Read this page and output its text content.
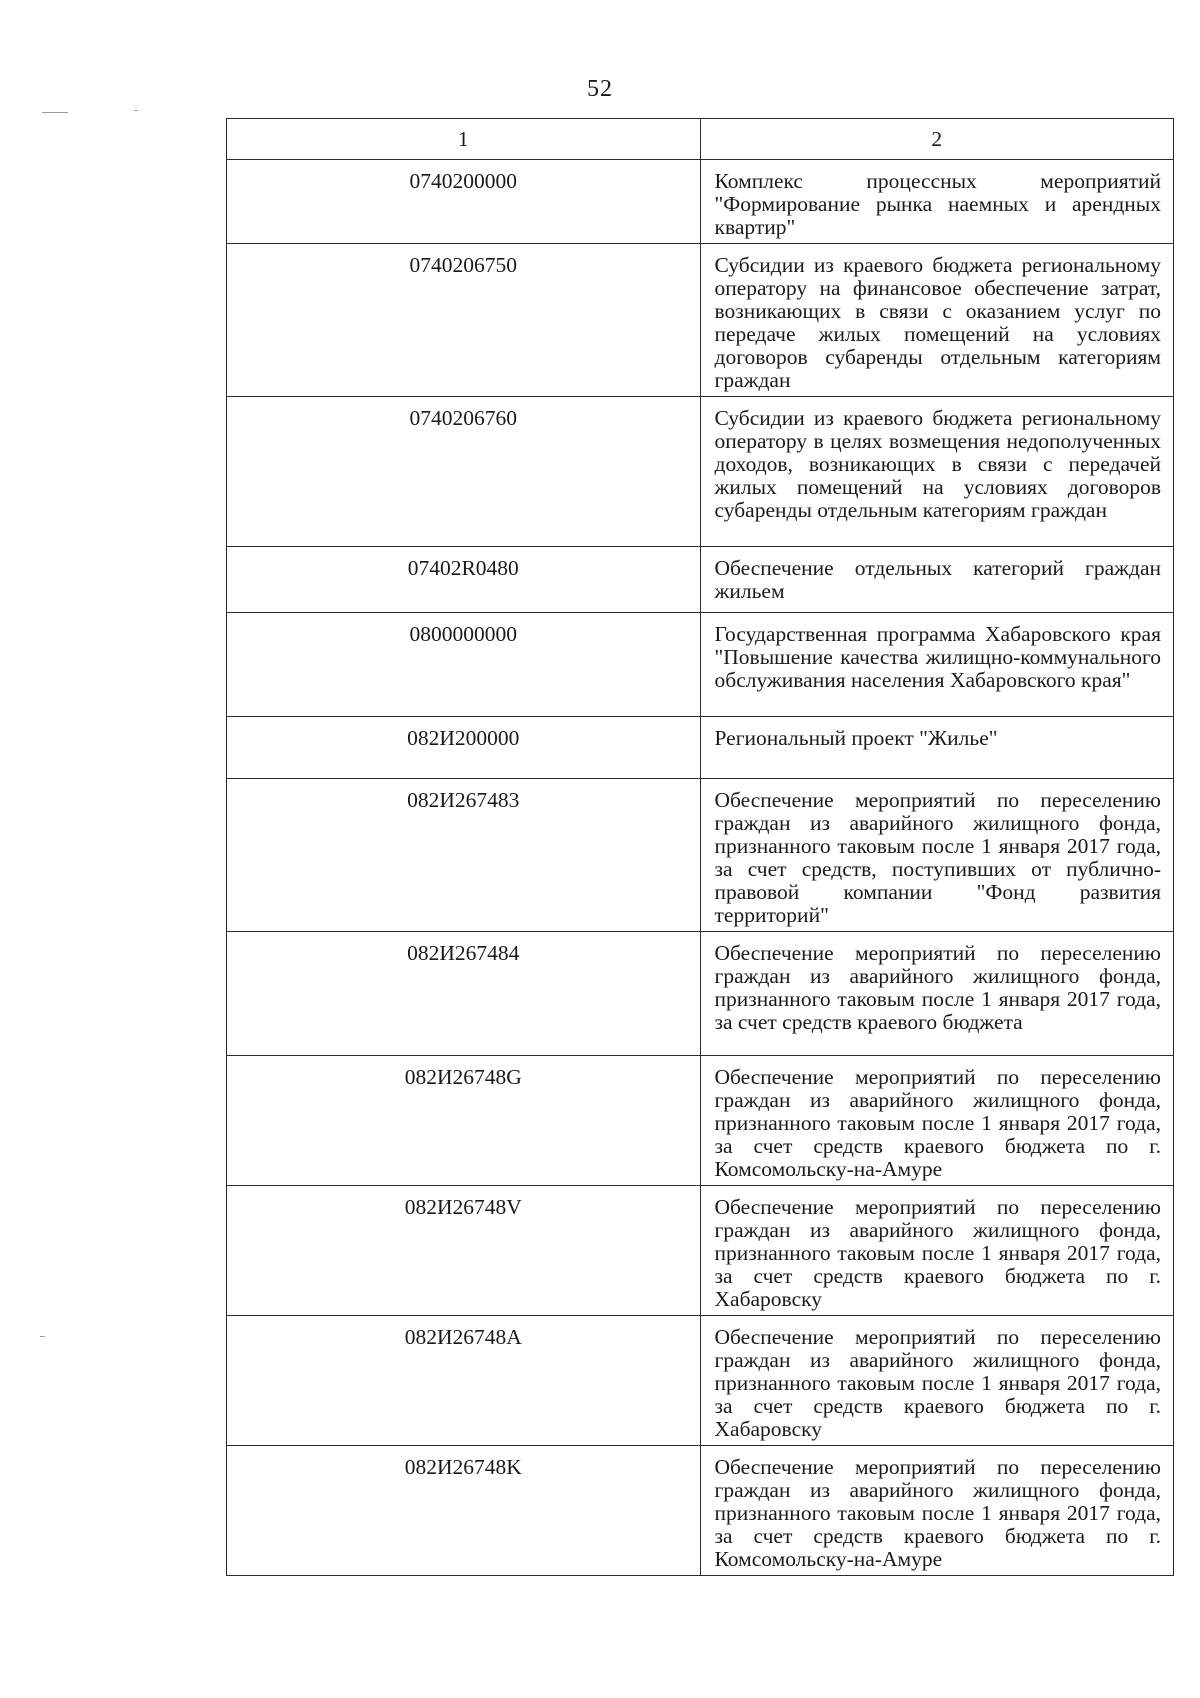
52
1	2
0740200000	Комплекс процессных мероприятий "Формирование рынка наемных и арендных квартир"
0740206750	Субсидии из краевого бюджета региональному оператору на финансовое обеспечение затрат, возникающих в связи с оказанием услуг по передаче жилых помещений на условиях договоров субаренды отдельным категориям граждан
0740206760	Субсидии из краевого бюджета региональному оператору в целях возмещения недополученных доходов, возникающих в связи с передачей жилых помещений на условиях договоров субаренды отдельным категориям граждан
07402R0480	Обеспечение отдельных категорий граждан жильем
0800000000	Государственная программа Хабаровского края "Повышение качества жилищно-коммунального обслуживания населения Хабаровского края"
082И200000	Региональный проект "Жилье"
082И267483	Обеспечение мероприятий по переселению граждан из аварийного жилищного фонда, признанного таковым после 1 января 2017 года, за счет средств, поступивших от публично-правовой компании "Фонд развития территорий"
082И267484	Обеспечение мероприятий по переселению граждан из аварийного жилищного фонда, признанного таковым после 1 января 2017 года, за счет средств краевого бюджета
082И26748G	Обеспечение мероприятий по переселению граждан из аварийного жилищного фонда, признанного таковым после 1 января 2017 года, за счет средств краевого бюджета по г. Комсомольску-на-Амуре
082И26748V	Обеспечение мероприятий по переселению граждан из аварийного жилищного фонда, признанного таковым после 1 января 2017 года, за счет средств краевого бюджета по г. Хабаровску
082И26748A	Обеспечение мероприятий по переселению граждан из аварийного жилищного фонда, признанного таковым после 1 января 2017 года, за счет средств краевого бюджета по г. Хабаровску
082И26748K	Обеспечение мероприятий по переселению граждан из аварийного жилищного фонда, признанного таковым после 1 января 2017 года, за счет средств краевого бюджета по г. Комсомольску-на-Амуре
